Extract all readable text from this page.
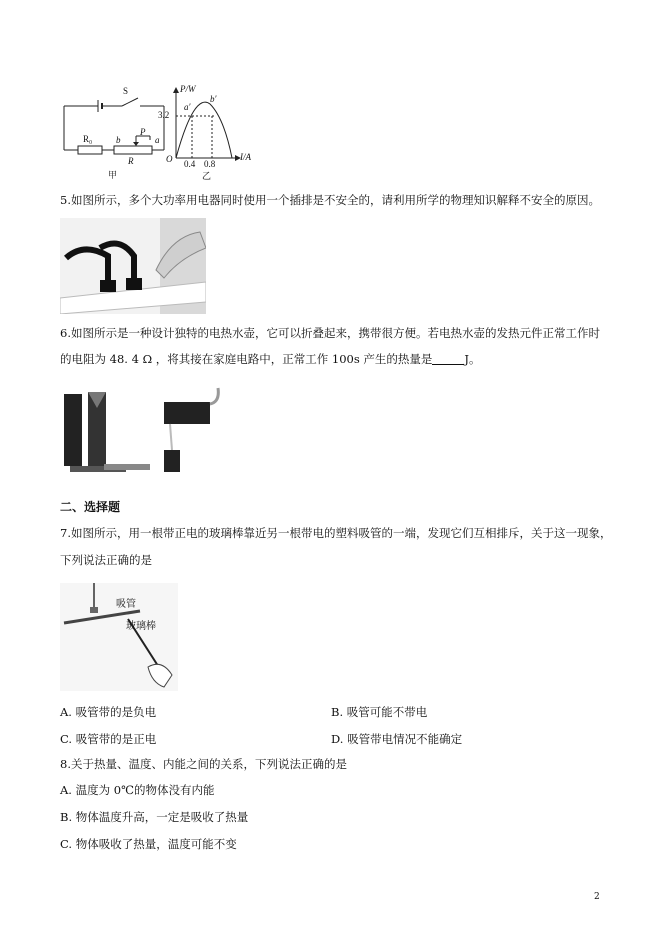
S
R₀
R
b
P
a
甲
P/W
I/A
O
3.2
0.4 0.8
a′
b′
乙
5.如图所示，多个大功率用电器同时使用一个插排是不安全的，请利用所学的物理知识解释不安全的原因。
6.如图所示是一种设计独特的电热水壶，它可以折叠起来，携带很方便。若电热水壶的发热元件正常工作时
的电阻为 48. 4 Ω ，将其接在家庭电路中，正常工作 100s 产生的热量是	J。
二、选择题
7.如图所示，用一根带正电的玻璃棒靠近另一根带电的塑料吸管的一端，发现它们互相排斥，关于这一现象，
下列说法正确的是
吸管
玻璃棒
A. 吸管带的是负电	B. 吸管可能不带电
C. 吸管带的是正电	D. 吸管带电情况不能确定
8.关于热量、温度、内能之间的关系，下列说法正确的是
A. 温度为 0℃的物体没有内能
B. 物体温度升高，一定是吸收了热量
C. 物体吸收了热量，温度可能不变
2
